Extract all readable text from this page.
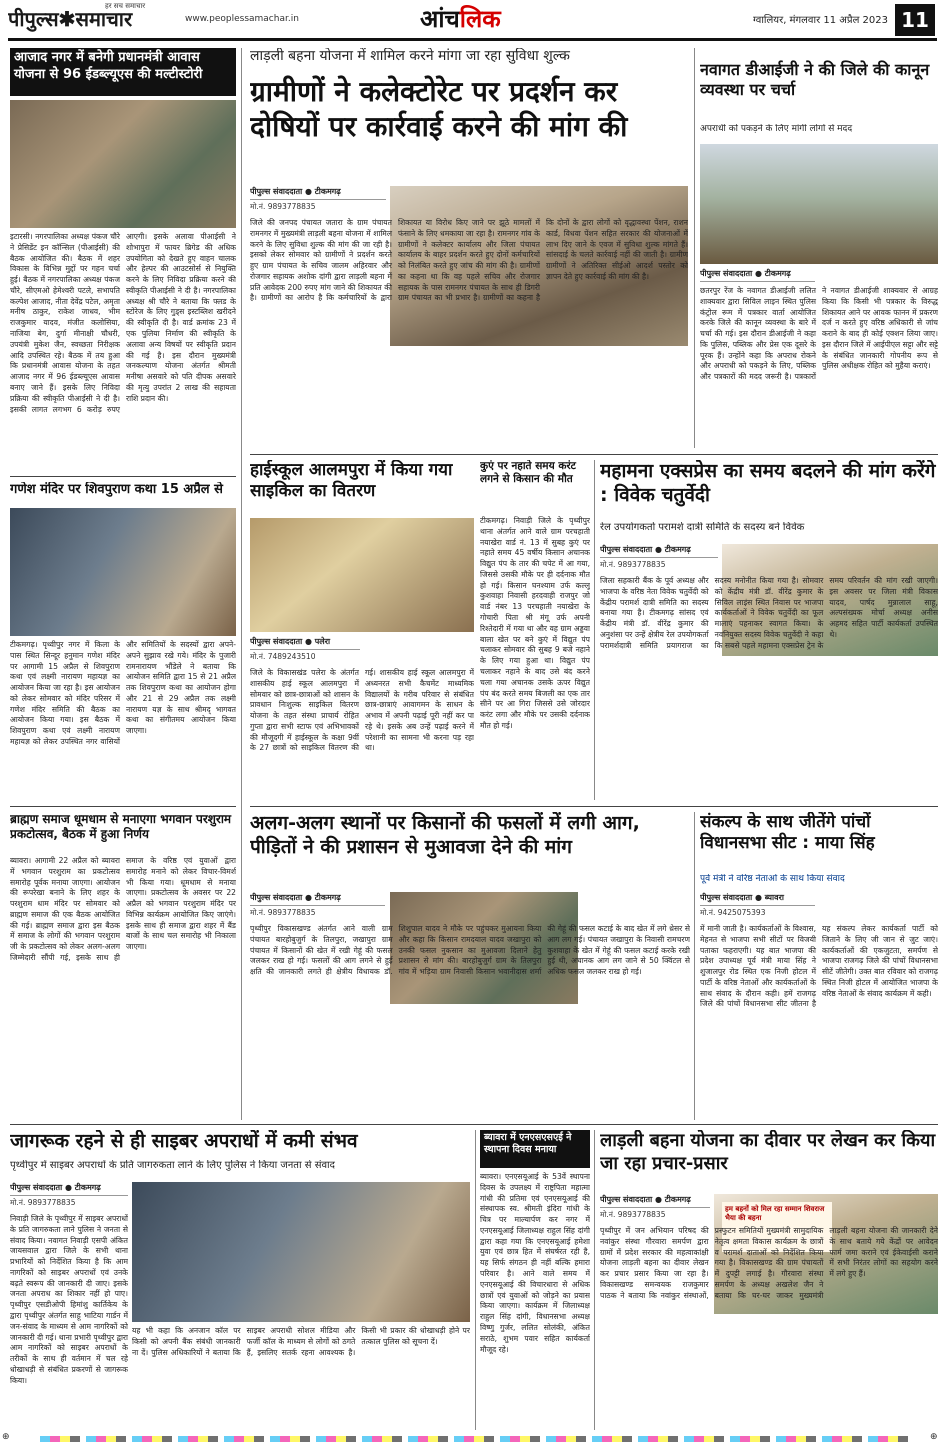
पीपुल्स✱समाचार
हर सच समाचार
www.peoplessamachar.in	आंचलिक	ग्वालियर, मंगलवार 11 अप्रैल 2023 11
आजाद नगर में बनेगी प्रधानमंत्री आवास योजना से 96 ईडब्ल्यूएस की मल्टीस्टोरी
इटारसी। नगरपालिका अध्यक्ष पंकज चौरे ने प्रेसिडेंट इन कॉन्सिल (पीआईसी) की बैठक आयोजित की। बैठक में शहर विकास के विभिन्न मुद्दों पर गहन चर्चा हुई। बैठक में नगरपालिका अध्यक्ष पंकज चौरे, सीएमओ हेमेश्वरी पटले, सभापति कल्पेश आजाद, नीता देवेंद्र पटेल, अमृता मनीष ठाकुर, राकेश जाधव, भीम राजकुमार यादव, मंजीत कलोसिया, नाजिया बेग, दुर्गा मीनाक्षी चौधरी, उपयंत्री मुकेश जैन, स्वच्छता निरीक्षक आदि उपस्थित रहे। बैठक में तय हुआ कि प्रधानमंत्री आवास योजना के तहत आजाद नगर में 96 ईडब्ल्यूएस आवास बनाए जाने हैं। इसके लिए निविदा प्रक्रिया की स्वीकृति पीआईसी ने दी है। इसकी लागत लगभग 6 करोड़ रुपए आएगी। इसके अलावा पीआईसी ने शोभापुरा में फायर ब्रिगेड की अधिक उपयोगिता को देखते हुए वाहन चालक और हेल्पर की आउटसोर्स से नियुक्ति करने के लिए निविदा प्रक्रिया करने की स्वीकृति पीआईसी ने दी है। नगरपालिका अध्यक्ष श्री चौरे ने बताया कि फ्लड के स्टोरेज के लिए गुड्स इस्टब्लिश खरीदने की स्वीकृति दी है। वार्ड क्रमांक 23 में एक पुलिया निर्माण की स्वीकृति के अलावा अन्य विषयों पर स्वीकृति प्रदान की गई है। इस दौरान मुख्यमंत्री जनकल्याण योजना अंतर्गत श्रीमती मनीषा असवारे को पति दीपक असवारे की मृत्यु उपरांत 2 लाख की सहायता राशि प्रदान की।
गणेश मंदिर पर शिवपुराण कथा 15 अप्रैल से
टीकमगढ़। पृथ्वीपुर नगर में किला के पास स्थित सिन्दूर हनुमान गणेश मंदिर पर आगामी 15 अप्रैल से शिवपुराण कथा एवं लक्ष्मी नारायण महायज्ञ का आयोजन किया जा रहा है। इस आयोजन को लेकर सोमवार को मंदिर परिसर में गणेश मंदिर समिति की बैठक का आयोजन किया गया। इस बैठक में शिवपुराण कथा एवं लक्ष्मी नारायण महायज्ञ को लेकर उपस्थित नगर वासियों और समितियों के सदस्यों द्वारा अपने-अपने सुझाव रखे गये। मंदिर के पुजारी रामनारायण भौंडेले ने बताया कि आयोजन समिति द्वारा 15 से 21 अप्रैल तक शिवपुराण कथा का आयोजन होगा और 21 से 29 अप्रैल तक लक्ष्मी नारायण यज्ञ के साथ श्रीमद् भागवत कथा का संगीतमय आयोजन किया जाएगा।
ब्राह्मण समाज धूमधाम से मनाएगा भगवान परशुराम प्रकटोत्सव, बैठक में हुआ निर्णय
ब्यावरा। आगामी 22 अप्रैल को ब्यावरा में भगवान परशुराम का प्रकटोत्सव समारोह पूर्वक मनाया जाएगा। आयोजन की रूपरेखा बनाने के लिए शहर के परशुराम धाम मंदिर पर सोमवार को ब्राह्मण समाज की एक बैठक आयोजित की गई। ब्राह्मण समाज द्वारा इस बैठक में समाज के लोगों की भगवान परशुराम जी के प्रकटोत्सव को लेकर अलग-अलग जिम्मेदारी सौंपी गई, इसके साथ ही समाज के वरिष्ठ एवं युवाओं द्वारा समारोह मनाने को लेकर विचार-विमर्श भी किया गया। धूमधाम से मनाया जाएगा। प्रकटोत्सव के अवसर पर 22 अप्रैल को भगवान परशुराम मंदिर पर विभिन्न कार्यक्रम आयोजित किए जाएंगे। इसके साथ ही समाज द्वारा शहर में बैंड बाजों के साथ चल समारोह भी निकाला जाएगा।
लाड़ली बहना योजना में शामिल करने मांगा जा रहा सुविधा शुल्क
ग्रामीणों ने कलेक्टोरेट पर प्रदर्शन कर दोषियों पर कार्रवाई करने की मांग की
पीपुल्स संवाददाता ● टीकमगढ़
मो.नं. 9893778835
जिले की जनपद पंचायत जतारा के ग्राम पंचायत रामनगर में मुख्यमंत्री लाड़ली बहना योजना में शामिल करने के लिए सुविधा शुल्क की मांग की जा रही है। इसको लेकर सोमवार को ग्रामीणों ने प्रदर्शन करते हुए ग्राम पंचायत के सचिव जालम अहिरवार और रोजगार सहायक अशोक दांगी द्वारा लाड़ली बहना में प्रति आवेदक 200 रुपए मांग जाने की शिकायत की है। ग्रामीणों का आरोप है कि कर्मचारियों के द्वारा शिकायत या विरोध किए जाने पर झूठे मामलों में फंसाने के लिए धमकाया जा रहा है। रामनगर गांव के ग्रामीणों ने कलेक्टर कार्यालय और जिला पंचायत कार्यालय के बाहर प्रदर्शन करते हुए दोनों कर्मचारियों को निलंबित करते हुए जांच की मांग की है। ग्रामीणों का कहना था कि वह पहले सचिव और रोजगार सहायक के पास रामनगर पंचायत के साथ ही डिगरी ग्राम पंचायत का भी प्रभार है। ग्रामीणों का कहना है कि दोनों के द्वारा लोगों को वृद्धावस्था पेंशन, राशन कार्ड, विधवा पेंशन सहित सरकार की योजनाओं में लाभ दिए जाने के एवज में सुविधा शुल्क मांगते हैं। सांसदाई के चलते कार्रवाई नहीं की जाती है। ग्रामीण ग्रामीणों ने अतिरिक्त सीईओ आदर्श पस्तोर को ज्ञापन देते हुए कार्रवाई की मांग की है।
नवागत डीआईजी ने की जिले की कानून व्यवस्था पर चर्चा
अपराधी को पकड़ने के लिए मांगी लोगों से मदद
पीपुल्स संवाददाता ● टीकमगढ़
छतरपुर रेंज के नवागत डीआईजी ललित शाक्यवार द्वारा सिविल लाइन स्थित पुलिस कंट्रोल रूम में पत्रकार वार्ता आयोजित करके जिले की कानून व्यवस्था के बारे में चर्चा की गई। इस दौरान डीआईजी ने कहा कि पुलिस, पब्लिक और प्रेस एक दूसरे के पूरक हैं। उन्होंने कहा कि अपराध रोकने और अपराधी को पकड़ने के लिए, पब्लिक और पत्रकारों की मदद जरूरी है। पत्रकारों ने नवागत डीआईजी शाक्यवार से आग्रह किया कि किसी भी पत्रकार के विरुद्ध शिकायत आने पर आवक फानन में प्रकरण दर्ज न करते हुए वरिष्ठ अधिकारी से जांच कराने के बाद ही कोई एक्शन लिया जाए। इस दौरान जिले में आईपीएल सट्टा और सट्टे के संबंधित जानकारी गोपनीय रूप से पुलिस अधीक्षक रोहित को मुहैया कराएं।
हाईस्कूल आलमपुरा में किया गया साइकिल का वितरण
पीपुल्स संवाददाता ● पलेरा
मो.नं. 7489243510
जिले के विकासखंड पलेरा के अंतर्गत शासकीय हाई स्कूल आलमपुरा में सोमवार को छात्र-छात्राओं को शासन के प्रावधान निःशुल्क साइकिल वितरण योजना के तहत संस्था प्राचार्य रोहित गुप्ता द्वारा सभी स्टाफ एवं अभिभावकों की मौजूदगी में हाईस्कूल के कक्षा 9वीं के 27 छात्रों को साइकिल वितरण की गई। शासकीय हाई स्कूल आलमपुरा में अध्यनरत सभी कैचमेंट माध्यमिक विद्यालयों के गरीब परिवार से संबंधित छात्र-छात्राएं आवागमन के साधन के अभाव में अपनी पढ़ाई पूरी नहीं कर पा रहे थे। इसके अब उन्हें पढ़ाई करने में परेशानी का सामना भी करना पड़ रहा था।
कुएं पर नहाते समय करंट लगने से किसान की मौत
टीकमगढ़। निवाड़ी जिले के पृथ्वीपुर थाना अंतर्गत आने वाले ग्राम परचहाती नयाखेरा वार्ड नं. 13 में सुबह कुएं पर नहाते समय 45 वर्षीय किसान अचानक विद्युत पंप के तार की चपेट में आ गया, जिससे उसकी मौके पर ही दर्दनाक मौत हो गई। किसान घनश्याम उर्फ कल्लू कुशवाहा निवासी हरदवाही राजपुर जो वार्ड नंबर 13 परचहाती नयाखेरा के गोचारी पिता श्री मंगू उर्फ अपनी रिश्तेदारी में गया था और वह ग्राम अड्डवा बाला खेत पर बने कुएं में विद्युत पंप चलाकर सोमवार की सुबह 9 बजे नहाने के लिए गया हुआ था। विद्युत पंप चलाकर नहाने के बाद उसे बंद करने चला गया अचानक उसके ऊपर विद्युत पंप बंद करते समय बिजली का एक तार सीने पर आ गिरा जिससे उसे जोरदार करंट लगा और मौके पर उसकी दर्दनाक मौत हो गई।
महामना एक्सप्रेस का समय बदलने की मांग करेंगे : विवेक चतुर्वेदी
रेल उपयोगकर्ता परामर्श दात्री समिति के सदस्य बने विवेक
पीपुल्स संवाददाता ● टीकमगढ़
मो.नं. 9893778835
जिला सहकारी बैंक के पूर्व अध्यक्ष और भाजपा के वरिष्ठ नेता विवेक चतुर्वेदी को केंद्रीय परामर्श दात्री समिति का सदस्य बनाया गया है। टीकमगढ़ सांसद एवं केंद्रीय मंत्री डॉ. वीरेंद्र कुमार की अनुशंसा पर उन्हें क्षेत्रीय रेल उपयोगकर्ता परामर्शदात्री समिति प्रयागराज का सदस्य मनोनीत किया गया है। सोमवार को केंद्रीय मंत्री डॉ. वीरेंद्र कुमार के सिविल लाइंस स्थित निवास पर भाजपा कार्यकर्ताओं ने विवेक चतुर्वेदी का फूल मालाएं पहनाकर स्वागत किया। के नवनियुक्त सदस्य विवेक चतुर्वेदी ने कहा कि सबसे पहले महामना एक्सप्रेस ट्रेन के समय परिवर्तन की मांग रखी जाएगी। इस अवसर पर जिला मंत्री विकास यादव, पार्षद मुन्नालाल साहू, अल्पसंख्यक मोर्चा अध्यक्ष अनीस अहमद सहित पार्टी कार्यकर्ता उपस्थित थे।
अलग-अलग स्थानों पर किसानों की फसलों में लगी आग, पीड़ितों ने की प्रशासन से मुआवजा देने की मांग
पीपुल्स संवाददाता ● टीकमगढ़
मो.नं. 9893778835
पृथ्वीपुर विकासखण्ड अंतर्गत आने वाली ग्राम पंचायत बारहोबुजुर्ग के तिलपुरा, जखापुरा ग्राम पंचायत में किसानों की खेत में रखी गेहूं की फसल जलकर राख हो गई। फसलों की आग लगने से हुई क्षति की जानकारी लगते ही क्षेत्रीय विधायक डॉ. शिशुपाल यादव ने मौके पर पहुंचकर मुआयना किया और कहा कि किसान रामदयाल यादव जखापुरा को उनकी फसल नुकसान का मुआवजा दिलाने हेतु प्रशासन से मांग की। बारहोबुजुर्ग ग्राम के तिलपुरा गांव में भड़िया ग्राम निवासी किसान भवानीदास शर्मा की गेहूं की फसल कटाई के बाद खेत में लगे थ्रेसर से आग लग गई। पंचायत जखापुरा के निवासी रामचरण कुशवाहा के खेत में गेहूं की फसल कटाई करके रखी हुई थी, अचानक आग लग जाने से 50 क्विंटल से अधिक फसल जलकर राख हो गई।
संकल्प के साथ जीतेंगे पांचों विधानसभा सीट : माया सिंह
पूर्व मंत्री ने वरिष्ठ नेताओं के साथ किया संवाद
पीपुल्स संवाददाता ● ब्यावरा
मो.नं. 9425075393
में मानी जाती है। कार्यकर्ताओं के विश्वास, मेहनत से भाजपा सभी सीटों पर विजयी पताका फहराएगी। यह बात भाजपा की प्रदेश उपाध्यक्ष पूर्व मंत्री माया सिंह ने शुजालपुर रोड स्थित एक निजी होटल में पार्टी के वरिष्ठ नेताओं और कार्यकर्ताओं के साथ संवाद के दौरान कही। हमें राजगढ़ जिले की पांचों विधानसभा सीट जीतना है यह संकल्प लेकर कार्यकर्ता पार्टी को जिताने के लिए जी जान से जुट जाएं। कार्यकर्ताओं की एकजुटता, समर्पण से भाजपा राजगढ़ जिले की पांचों विधानसभा सीटें जीतेगी। उक्त बात रविवार को राजगढ़ स्थित निजी होटल में आयोजित भाजपा के वरिष्ठ नेताओं के संवाद कार्यक्रम में कही।
जागरूक रहने से ही साइबर अपराधों में कमी संभव
पृथ्वीपुर में साइबर अपराधों के प्रति जागरुकता लाने के लिए पुलिस ने किया जनता से संवाद
पीपुल्स संवाददाता ● टीकमगढ़
मो.नं. 9893778835
निवाड़ी जिले के पृथ्वीपुर में साइबर अपराधों के प्रति जागरुकता लाने पुलिस ने जनता से संवाद किया। नवागत निवाड़ी एसपी अंकित जायसवाल द्वारा जिले के सभी थाना प्रभारियों को निर्देशित किया है कि आम नागरिकों को साइबर अपराधों एवं उनके बढ़ते स्वरूप की जानकारी दी जाए। इसके जनता अपराध का शिकार नहीं हो पाए। पृथ्वीपुर एसडीओपी हिमांशु कार्तिकेय के द्वारा पृथ्वीपुर अंतर्गत साहू भाटिया गार्डन में जन-संवाद के माध्यम से आम नागरिकों को जानकारी दी गई। थाना प्रभारी पृथ्वीपुर द्वारा आम नागरिकों को साइबर अपराधों के तरीकों के साथ ही वर्तमान में चल रहे धोखाधड़ी से संबंधित प्रकरणों से जागरूक किया।
यह भी कहा कि अनजान कॉल पर किसी को अपनी बैंक संबंधी जानकारी ना दें। पुलिस अधिकारियों ने बताया कि साइबर अपराधी सोशल मीडिया और फर्जी कॉल के माध्यम से लोगों को ठगते हैं, इसलिए सतर्क रहना आवश्यक है। किसी भी प्रकार की धोखाधड़ी होने पर तत्काल पुलिस को सूचना दें।
ब्यावरा में एनएसएसएई ने स्थापना दिवस मनाया
ब्यावरा। एनएसयूआई के 53वें स्थापना दिवस के उपलक्ष्य में राष्ट्रपिता महात्मा गांधी की प्रतिमा एवं एनएसयूआई की संस्थापक स्व. श्रीमती इंदिरा गांधी के चित्र पर माल्यार्पण कर नगर में एनएसयूआई जिलाध्यक्ष राहुल सिंह दांगी द्वारा कहा गया कि एनएसयूआई हमेशा युवा एवं छात्र हित में संघर्षरत रही है, यह सिर्फ संगठन ही नहीं बल्कि हमारा परिवार है। आने वाले समय में एनएसयूआई की विचारधारा से अधिक छात्रों एवं युवाओं को जोड़ने का प्रयास किया जाएगा। कार्यक्रम में जिलाध्यक्ष राहुल सिंह दांगी, विधानसभा अध्यक्ष विष्णु गुर्जर, ललित सोलंकी, अंकित सराठे, शुभम पवार सहित कार्यकर्ता मौजूद रहे।
लाड़ली बहना योजना का दीवार पर लेखन कर किया जा रहा प्रचार-प्रसार
पीपुल्स संवाददाता ● टीकमगढ़
मो.नं. 9893778835
हम बहनों को मिल रहा सम्मान शिवराज भैया की बहना
पृथ्वीपुर में जन अभियान परिषद की नवांकुर संस्था गौरवारा समर्पण द्वारा ग्रामों में प्रदेश सरकार की महत्वाकांक्षी योजना लाड़ली बहना का दीवार लेखन कर प्रचार प्रसार किया जा रहा है। विकासखण्ड समन्वयक राजकुमार पाठक ने बताया कि नवांकुर संस्थाओं, प्रस्फुटन समितियों मुख्यमंत्री सामुदायिक नेतृत्व क्षमता विकास कार्यक्रम के छात्रों व परामर्श दाताओं को निर्देशित किया गया है। विकासखण्ड की ग्राम पंचायतों में दुपट्टी लगाई है। गौरवारा संस्था समर्पण के अध्यक्ष अखलेश जैन ने बताया कि घर-घर जाकर मुख्यमंत्री लाड़ली बहना योजना की जानकारी देने के साथ बताये गये केंद्रों पर आवेदन फार्म जमा कराने एवं ईकेवाईसी कराने में सभी निरंतर लोगों का सहयोग करने में लगे हुए हैं।
⊕	⊕
